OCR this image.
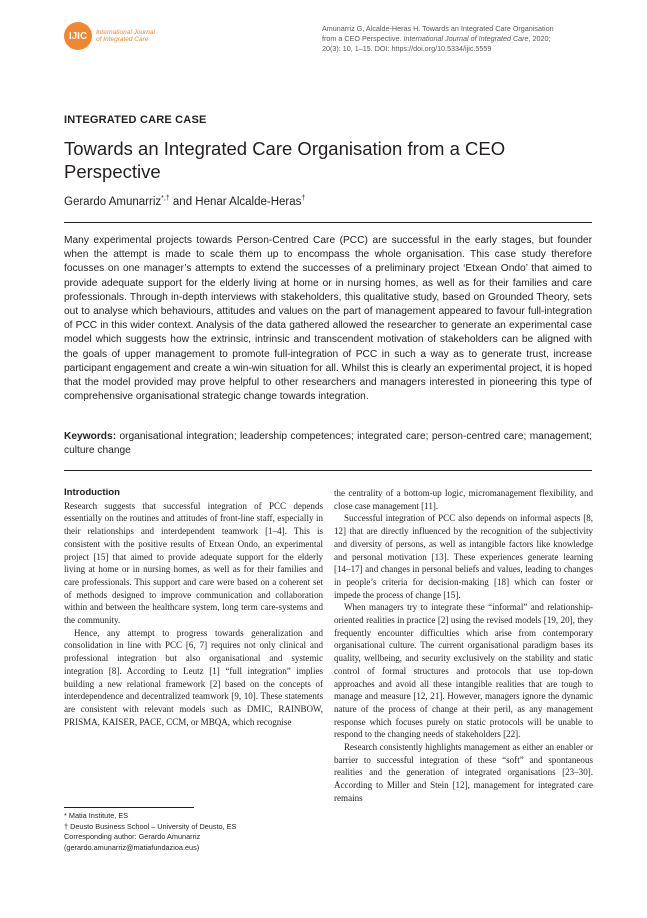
IJIC	International Journal
of Integrated Care
Amunarriz G, Alcalde-Heras H. Towards an Integrated Care Organisation
from a CEO Perspective. International Journal of Integrated Care, 2020;
20(3): 10, 1–15. DOI: https://doi.org/10.5334/ijic.5559
INTEGRATED CARE CASE
Towards an Integrated Care Organisation from a CEO Perspective
Gerardo Amunarriz*,† and Henar Alcalde-Heras†

Many experimental projects towards Person-Centred Care (PCC) are successful in the early stages, but founder when the attempt is made to scale them up to encompass the whole organisation. This case study therefore focusses on one manager’s attempts to extend the successes of a preliminary project ‘Etxean Ondo’ that aimed to provide adequate support for the elderly living at home or in nursing homes, as well as for their families and care professionals. Through in-depth interviews with stakeholders, this qualitative study, based on Grounded Theory, sets out to analyse which behaviours, attitudes and values on the part of management appeared to favour full-integration of PCC in this wider context. Analysis of the data gathered allowed the researcher to generate an experimental case model which suggests how the extrinsic, intrinsic and transcendent motivation of stakeholders can be aligned with the goals of upper management to promote full-integration of PCC in such a way as to generate trust, increase participant engagement and create a win-win situation for all. Whilst this is clearly an experimental project, it is hoped that the model provided may prove helpful to other researchers and managers interested in pioneering this type of comprehensive organisational strategic change towards integration.

Keywords: organisational integration; leadership competences; integrated care; person-centred care; management; culture change

Introduction

Research suggests that successful integration of PCC depends essentially on the routines and attitudes of front-line staff, especially in their relationships and interdependent teamwork [1–4]. This is consistent with the positive results of Etxean Ondo, an experimental project [15] that aimed to provide adequate support for the elderly living at home or in nursing homes, as well as for their families and care professionals. This support and care were based on a coherent set of methods designed to improve communication and collaboration within and between the healthcare system, long term care-systems and the community.

Hence, any attempt to progress towards generalization and consolidation in line with PCC [6, 7] requires not only clinical and professional integration but also organisational and systemic integration [8]. According to Leutz [1] “full integration” implies building a new relational framework [2] based on the concepts of interdependence and decentralized teamwork [9, 10]. These statements are consistent with relevant models such as DMIC, RAINBOW, PRISMA, KAISER, PACE, CCM, or MBQA, which recognise

the centrality of a bottom-up logic, micromanagement flexibility, and close case management [11].

Successful integration of PCC also depends on informal aspects [8, 12] that are directly influenced by the recognition of the subjectivity and diversity of persons, as well as intangible factors like knowledge and personal motivation [13]. These experiences generate learning [14–17] and changes in personal beliefs and values, leading to changes in people’s criteria for decision-making [18] which can foster or impede the process of change [15].

When managers try to integrate these “informal” and relationship-oriented realities in practice [2] using the revised models [19, 20], they frequently encounter difficulties which arise from contemporary organisational culture. The current organisational paradigm bases its quality, wellbeing, and security exclusively on the stability and static control of formal structures and protocols that use top-down approaches and avoid all these intangible realities that are tough to manage and measure [12, 21]. However, managers ignore the dynamic nature of the process of change at their peril, as any management response which focuses purely on static protocols will be unable to respond to the changing needs of stakeholders [22].

Research consistently highlights management as either an enabler or barrier to successful integration of these “soft” and spontaneous realities and the generation of integrated organisations [23–30]. According to Miller and Stein [12], management for integrated care remains

* Matia Institute, ES
† Deusto Business School – University of Deusto, ES
Corresponding author: Gerardo Amunarriz
(gerardo.amunarriz@matiafundazioa.eus)
